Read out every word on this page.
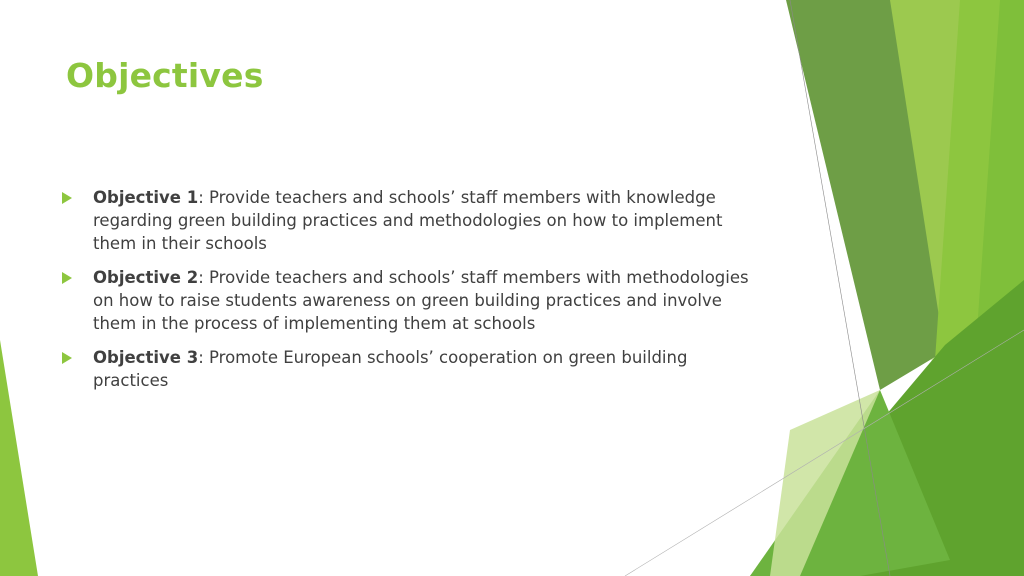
Objectives
Objective 1: Provide teachers and schools’ staff members with knowledge regarding green building practices and methodologies on how to implement them in their schools
Objective 2: Provide teachers and schools’ staff members with methodologies on how to raise students awareness on green building practices and involve them in the process of implementing them at schools
Objective 3: Promote European schools’ cooperation on green building practices
